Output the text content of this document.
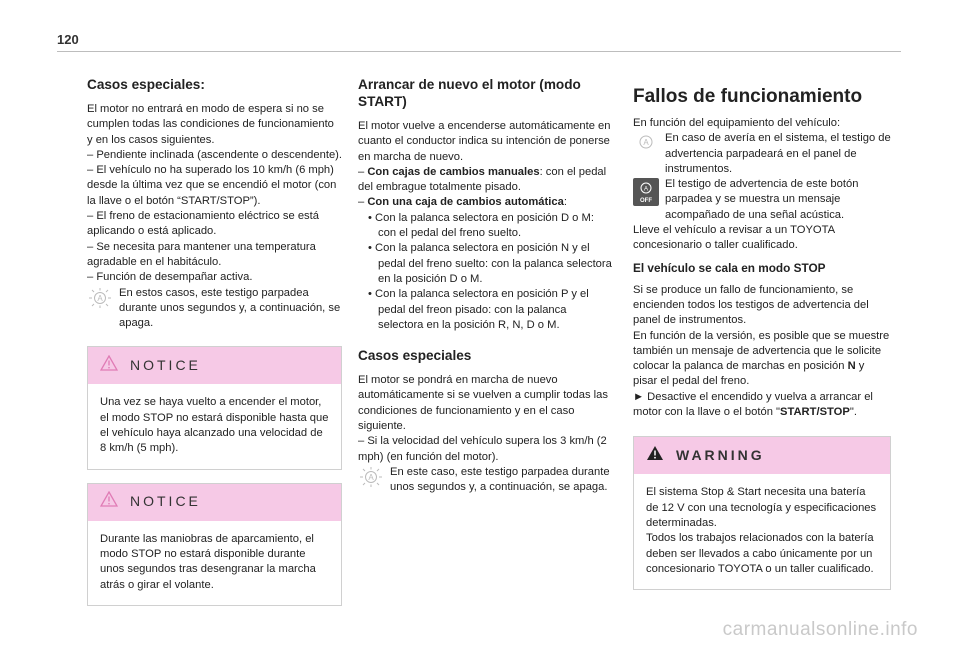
120
Casos especiales:

El motor no entrará en modo de espera si no se cumplen todas las condiciones de funcionamiento y en los casos siguientes.

– Pendiente inclinada (ascendente o descendente).

– El vehículo no ha superado los 10 km/h (6 mph) desde la última vez que se encendió el motor (con la llave o el botón “START/STOP”).

– El freno de estacionamiento eléctrico se está aplicando o está aplicado.

– Se necesita para mantener una temperatura agradable en el habitáculo.

– Función de desempañar activa.

A En estos casos, este testigo parpadea durante unos segundos y, a continuación, se apaga.

NOTICE
Una vez se haya vuelto a encender el motor, el modo STOP no estará disponible hasta que el vehículo haya alcanzado una velocidad de 8 km/h (5 mph).
NOTICE
Durante las maniobras de aparcamiento, el modo STOP no estará disponible durante unos segundos tras desengranar la marcha atrás o girar el volante.
Arrancar de nuevo el motor (modo START)

El motor vuelve a encenderse automáticamente en cuanto el conductor indica su intención de ponerse en marcha de nuevo.

– Con cajas de cambios manuales: con el pedal del embrague totalmente pisado.

– Con una caja de cambios automática:

• Con la palanca selectora en posición D o M: con el pedal del freno suelto.

• Con la palanca selectora en posición N y el pedal del freno suelto: con la palanca selectora en la posición D o M.

• Con la palanca selectora en posición P y el pedal del freon pisado: con la palanca selectora en la posición R, N, D o M.

Casos especiales

El motor se pondrá en marcha de nuevo automáticamente si se vuelven a cumplir todas las condiciones de funcionamiento y en el caso siguiente.

– Si la velocidad del vehículo supera los 3 km/h (2 mph) (en función del motor).

A En este caso, este testigo parpadea durante unos segundos y, a continuación, se apaga.

Fallos de funcionamiento

En función del equipamiento del vehículo:

A En caso de avería en el sistema, el testigo de advertencia parpadeará en el panel de instrumentos.

A
OFF
El testigo de advertencia de este botón parpadea y se muestra un mensaje acompañado de una señal acústica.

Lleve el vehículo a revisar a un TOYOTA concesionario o taller cualificado.

El vehículo se cala en modo STOP

Si se produce un fallo de funcionamiento, se encienden todos los testigos de advertencia del panel de instrumentos.

En función de la versión, es posible que se muestre también un mensaje de advertencia que le solicite colocar la palanca de marchas en posición N y pisar el pedal del freno.

► Desactive el encendido y vuelva a arrancar el motor con la llave o el botón "START/STOP".

WARNING

El sistema Stop & Start necesita una batería de 12 V con una tecnología y especificaciones determinadas.

Todos los trabajos relacionados con la batería deben ser llevados a cabo únicamente por un concesionario TOYOTA o un taller cualificado.

carmanualsonline.info
